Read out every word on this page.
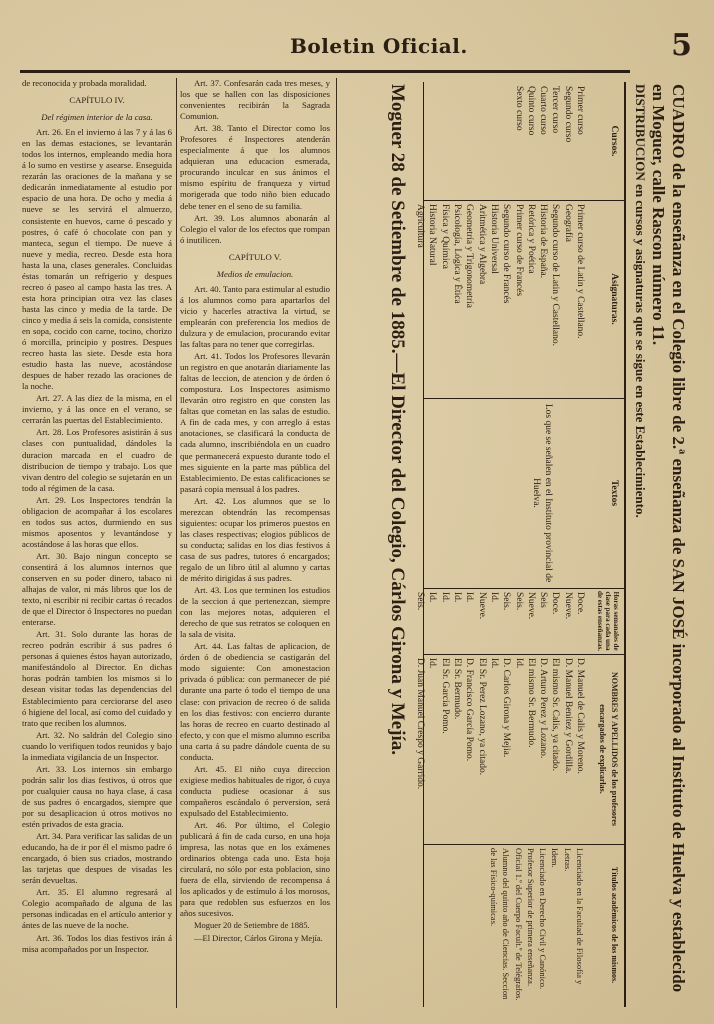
Boletin Oficial.	5

de reconocida y probada moralidad.

CAPÍTULO IV.

Del régimen interior de la casa.

Art. 26. En el invierno á las 7 y á las 6 en las demas estaciones, se levantarán todos los internos, empleando media hora á lo sumo en vestirse y asearse. Enseguida rezarán las oraciones de la mañana y se dedicarán inmediatamente al estudio por espacio de una hora. De ocho y media á nueve se les servirá el almuerzo, consistente en huevos, carne ó pescado y postres, ó café ó chocolate con pan y manteca, segun el tiempo. De nueve á nueve y media, recreo. Desde esta hora hasta la una, clases generales. Concluidas éstas tomarán un refrigerio y despues recreo ó paseo al campo hasta las tres. A esta hora principian otra vez las clases hasta las cinco y media de la tarde. De cinco y media á seis la comida, consistente en sopa, cocido con carne, tocino, chorizo ó morcilla, principio y postres. Despues recreo hasta las siete. Desde esta hora estudio hasta las nueve, acostándose despues de haber rezado las oraciones de la noche.

Art. 27. A las diez de la misma, en el invierno, y á las once en el verano, se cerrarán las puertas del Establecimiento.

Art. 28. Los Profesores asistirán á sus clases con puntualidad, dándoles la duracion marcada en el cuadro de distribucion de tiempo y trabajo. Los que vivan dentro del colegio se sujetarán en un todo al régimen de la casa.

Art. 29. Los Inspectores tendrán la obligacion de acompañar á los escolares en todos sus actos, durmiendo en sus mismos aposentos y levantándose y acostándose á las horas que ellos.

Art. 30. Bajo ningun concepto se consentirá á los alumnos internos que conserven en su poder dinero, tabaco ni alhajas de valor, ni más libros que los de texto, ni escribir ni recibir cartas ó recados de que el Director ó Inspectores no puedan enterarse.

Art. 31. Solo durante las horas de recreo podrán escribir á sus padres ó personas á quienes éstos hayan autorizado, manifestándolo al Director. En dichas horas podrán tambien los mismos si lo desean visitar todas las dependencias del Establecimiento para cerciorarse del aseo ó higiene del local, así como del cuidado y trato que reciben los alumnos.

Art. 32. No saldrán del Colegio sino cuando lo verifiquen todos reunidos y bajo la inmediata vigilancia de un Inspector.

Art. 33. Los internos sin embargo podrán salir los dias festivos, ú otros que por cualquier causa no haya clase, á casa de sus padres ó encargados, siempre que por su desaplicacion ú otros motivos no estén privados de esta gracia.

Art. 34. Para verificar las salidas de un educando, ha de ir por él el mismo padre ó encargado, ó bien sus criados, mostrando las tarjetas que despues de visadas les serán devueltas.

Art. 35. El alumno regresará al Colegio acompañado de alguna de las personas indicadas en el artículo anterior y ántes de las nueve de la noche.

Art. 36. Todos los dias festivos irán á misa acompañados por un Inspector.

Art. 37. Confesarán cada tres meses, y los que se hallen con las disposiciones convenientes recibirán la Sagrada Comunion.

Art. 38. Tanto el Director como los Profesores é Inspectores atenderán especialmente á que los alumnos adquieran una educacion esmerada, procurando inculcar en sus ánimos el mismo espíritu de franqueza y virtud morigerada que todo niño bien educado debe tener en el seno de su familia.

Art. 39. Los alumnos abonarán al Colegio el valor de los efectos que rompan ó inutilicen.

CAPÍTULO V.

Medios de emulacion.

Art. 40. Tanto para estimular al estudio á los alumnos como para apartarlos del vicio y hacerles atractiva la virtud, se emplearán con preferencia los medios de dulzura y de emulacion, procurando evitar las faltas para no tener que corregirlas.

Art. 41. Todos los Profesores llevarán un registro en que anotarán diariamente las faltas de leccion, de atencion y de órden ó compostura. Los Inspectores asimismo llevarán otro registro en que consten las faltas que cometan en las salas de estudio. A fin de cada mes, y con arreglo á estas anotaciones, se clasificará la conducta de cada alumno, inscribiéndola en un cuadro que permanecerá expuesto durante todo el mes siguiente en la parte mas pública del Establecimiento. De estas calificaciones se pasará copia mensual á los padres.

Art. 42. Los alumnos que se lo merezcan obtendrán las recompensas siguientes: ocupar los primeros puestos en las clases respectivas; elogios públicos de su conducta; salidas en los dias festivos á casa de sus padres, tutores ó encargados; regalo de un libro útil al alumno y cartas de mérito dirigidas á sus padres.

Art. 43. Los que terminen los estudios de la seccion á que pertenezcan, siempre con las mejores notas, adquieren el derecho de que sus retratos se coloquen en la sala de visita.

Art. 44. Las faltas de aplicacion, de órden ó de obediencia se castigarán del modo siguiente: Con amonestacion privada ó pública: con permanecer de pié durante una parte ó todo el tiempo de una clase: con privacion de recreo ó de salida en los dias festivos: con encierro durante las horas de recreo en cuarto destinado al efecto, y con que el mismo alumno escriba una carta á su padre dándole cuenta de su conducta.

Art. 45. El niño cuya direccion exigiese medios habituales de rigor, ó cuya conducta pudiese ocasionar á sus compañeros escándalo ó perversion, será expulsado del Establecimiento.

Art. 46. Por último, el Colegio publicará á fin de cada curso, en una hoja impresa, las notas que en los exámenes ordinarios obtenga cada uno. Esta hoja circulará, no sólo por esta poblacion, sino fuera de ella, sirviendo de recompensa á los aplicados y de estímulo á los morosos, para que redoblen sus esfuerzos en los años sucesivos.

Moguer 20 de Setiembre de 1885.

—El Director, Cárlos Girona y Mejía.	CUADRO de la enseñanza en el Colegio libre de 2.ª enseñanza de SAN JOSÉ incorporado al Instituto de Huelva y establecido en Moguer, calle Rascon número 11.
DISTRIBUCION en cursos y asignaturas que se sigue en este Establecimiento.
Cursos.
Primer curso
Segundo curso
Tercer curso
Cuarto curso
Quinto curso
Sexto curso
Asignaturas.
Primer curso de Latin y Castellano.
Geografía
Segundo curso de Latin y Castellano.
Historia de España.
Retórica y Poética
Primer curso de Francés
Segundo curso de Francés
Historia Universal
Aritmética y Algebra
Geometría y Trigonometría
Psicología, Lógica y Ética
Física y Química
Historia Natural
Agricultura
Textos
Los que se señalen en el Instituto provincial de Huelva.
Horas semanales de clase para cada una de estas enseñanzas.
Doce.
Nueve.
Doce.
Seis
Nueve.
Seis.
Seis.
Id.
Nueve.
Id.
Id.
Id.
Id.
Seis.
NOMBRES Y APELLIDOS de los profesores encargados de explicarlas.
D. Manuel de Calis y Moreno.
D. Manuel Benitez y Gordilla.
El mismo Sr. Calis, ya citado.
D. Arturo Perez y Lozano.
El mismo Sr. Bermudo.
Id.
D. Carlos Girona y Mejia.
Id.
El Sr. Perez Lozano, ya citado.
D. Francisco García Pomo.
El Sr. Bermudo.
El Sr. García Pomo.
Id.
D. Juan Manuel Crespo y Garrido.
Títulos académicos de los mismos.
Licenciado en la Facultad de Filosofía y Letras.
Idem.
Licenciado en Derecho Civil y Canónico.
Profesor Superior de primera enseñanza.
Oficial 1.º del Cuerpo Facult.º de Telégrafos.
Alumno del quinto año de Ciencias. Seccion de las Físico-químicas.
Moguer 28 de Setiembre de 1885.—El Director del Colegio, Cárlos Girona y Mejía.
